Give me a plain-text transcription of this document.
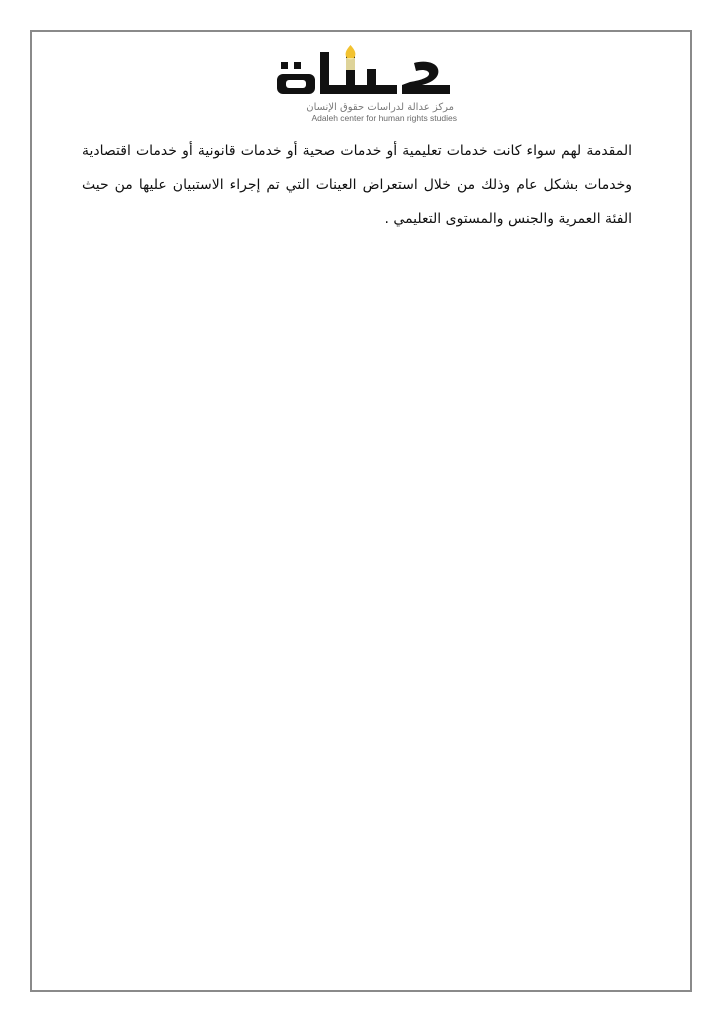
مركز عدالة لدراسات حقوق الإنسان
Adaleh center for human rights studies

المقدمة لهم سواء كانت خدمات تعليمية أو خدمات صحية أو خدمات قانونية أو خدمات اقتصادية وخدمات بشكل عام وذلك من خلال استعراض العينات التي تم إجراء الاستبيان عليها من حيث الفئة العمرية والجنس والمستوى التعليمي .
